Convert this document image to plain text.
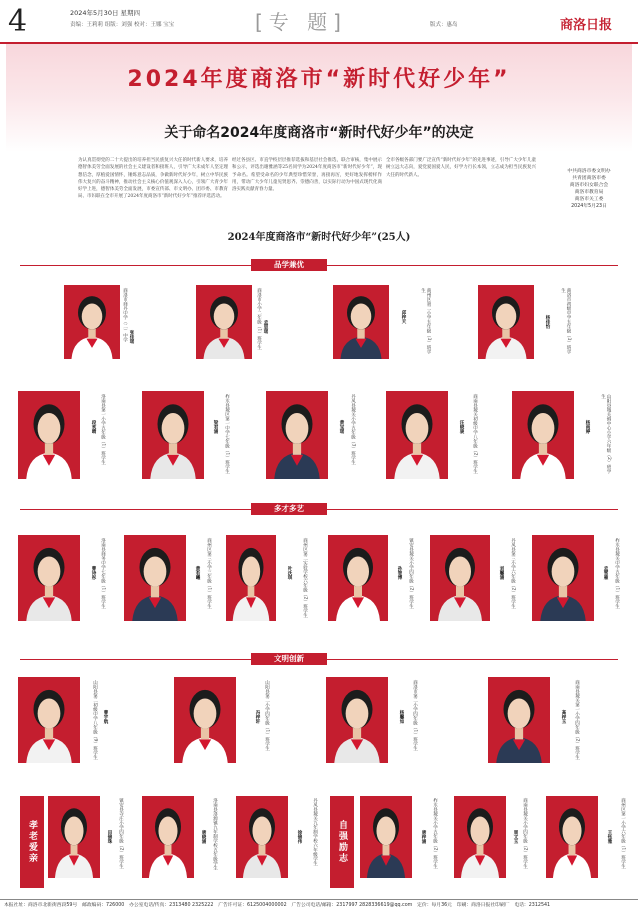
4	2024年5月30日 星期四
责编：王莉莉 组版：刘强 校对：王娜 宝宝	[专 题]	版式：惠岛	商洛日报
2024年度商洛市“新时代好少年”
关于命名2024年度商洛市“新时代好少年”的决定
为认真贯彻党的二十大提出的培养担当民族复兴大任的时代新人要求，培养德智体美劳全面发展的社会主义建设者和接班人，引导广大未成年人坚定理想信念，厚植爱国情怀，锤炼意志品质，争做新时代好少年，树立中华民族伟大复兴的奋斗精神，推动社会主义核心价值观深入人心，引领广大青少年好学上进，德智体美劳全面发展，市委宣传部、市文明办、团市委、市教育局、市妇联在全市开展了2024年度商洛市“新时代好少年”推荐评选活动。
经过各县区、市直学校层层推荐选拔和基层社会推选，联合审核，集中展示和公示，评选出谢雅涵等25名同学为2024年度商洛市“新时代好少年”，现予命名。希望受命名的少年典型珍惜荣誉，再接再厉，更好地发挥榜样作用，带动广大少年儿童见贤思齐、崇德向善，以实际行动为中国式现代化商洛实践贡献青春力量。
全市各级各部门要广泛宣传“新时代好少年”的先进事迹，引导广大少年儿童树立远大志向，爱党爱国爱人民，好学力行长本领，立志成为担当民族复兴大任的时代新人。
中共商洛市委文明办
共青团商洛市委
商洛市妇女联合会
商洛市教育局
商洛市关工委
2024年5月23日
2024年度商洛市“新时代好少年”(25人)
品学兼优
多才多艺
文明创新
孝老爱亲	自强励志
商洛市商丹中学（二）中学 张佳瑶	商洛市小学二年级（1）班学生 孟思瑶	商州区第二小学五年级（3）班学生
邱梓天	商洛市初级中学五年级（3）班学生
杨佳怡
洛南县第一小学五年级（1）班学生
段欢晴	柞水县城区第一中学七年级（1）班学生
梁君涵	丹凤县城关小学五年级（3）班学生
黄宝瑶	商南县城关初级中学八年级（2）班学生
汪晓骏	山阳县城关镇中心小学六年级（2）班学生
杨雨婷
洛南县商务中学七年级（1）班学生
曹诗彤	商州区第三小学三年级（1）班学生
黄若曦	商州区第二实验学校六年级（2）班学生
叶沃琪	镇安县城关小学四年级（2）班学生
孙智博	丹凤县第三小学六年级（2）班学生
刘馨涵	柞水县城关中学五年级（1）班学生
孟雪雁
山阳县第二初级中学八年级（9）班学生 曹宇航	山阳县第二小学四年级（1）班学生
冯梓轩	商洛市第二小学四年级（1）班学生
杨馨如	商南县城关第一小学四年级（2）班学生
高梓玉
镇安县寺庄小学四年级（2）班学生
田锦珠	洛南县洛源镇九年制学校五年级学生
唐晓涵	丹凤县城关九年制学校六年级学生
徐锦伟	柞水县城关小学五年级（2）班学生
唐梓涵	商南县城关小学四年级（2）班学生
周文玉	商州区第一小学六年级（1）班学生
王钰雅
本报社址：商洛市北新街西段59号　邮政编码：726000　办公室电话/传真：2313480 2325222　广告许可证：6125004000002　广告公司电话/邮箱：2317997 2828336619@qq.com　定价：每月36元　印刷：商洛日报社印刷厂　电话：2312541
